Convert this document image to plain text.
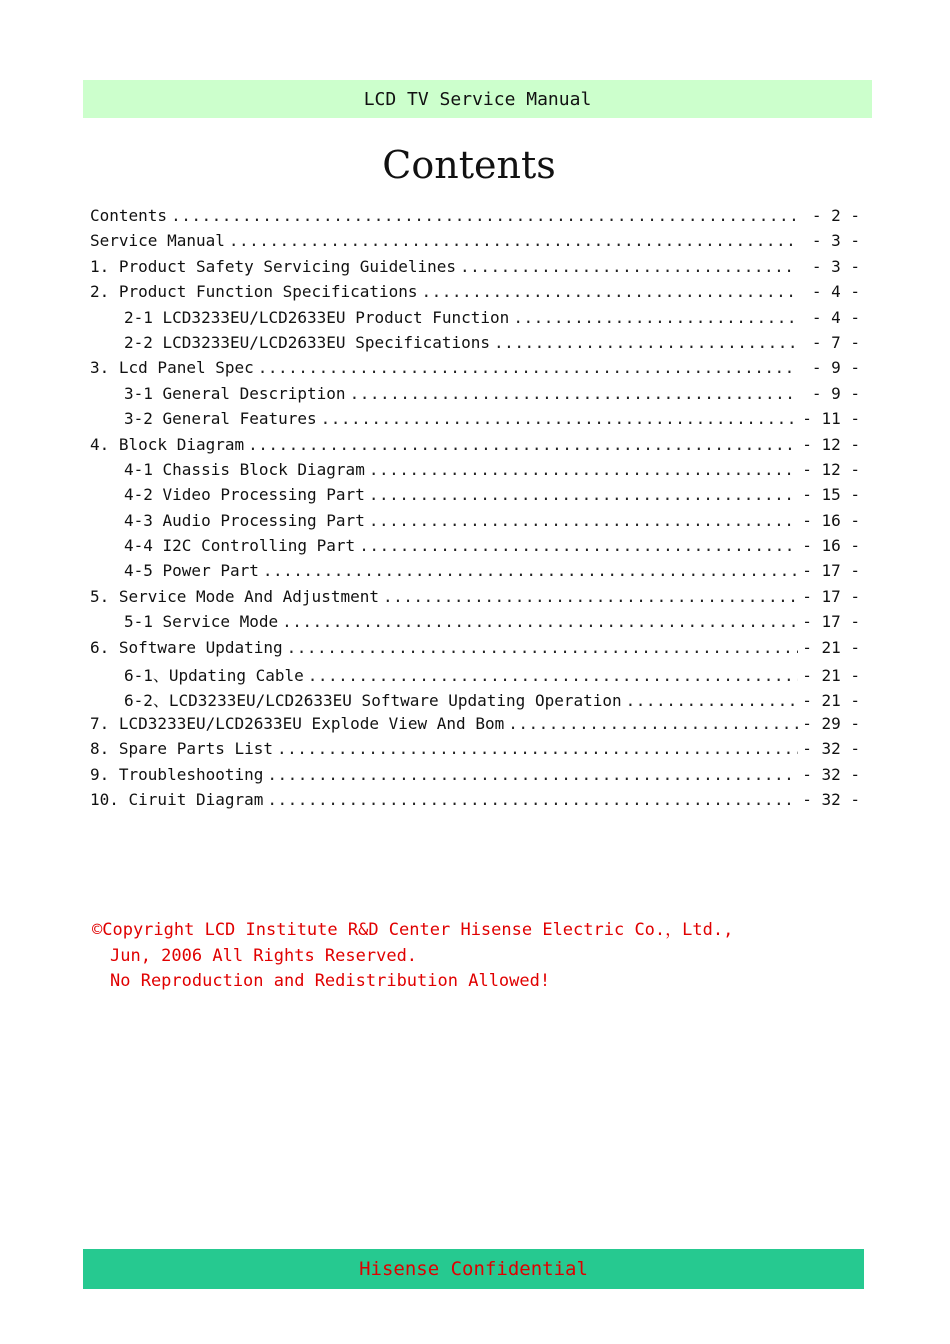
LCD TV Service Manual
Contents
Contents .....	- 2 -
Service Manual .....	- 3 -
1. Product Safety Servicing Guidelines .....	- 3 -
2. Product Function Specifications .....	- 4 -
2-1 LCD3233EU/LCD2633EU Product Function .....	- 4 -
2-2 LCD3233EU/LCD2633EU Specifications .....	- 7 -
3. Lcd Panel Spec .....	- 9 -
3-1 General Description .....	- 9 -
3-2 General Features .....	- 11 -
4. Block Diagram .....	- 12 -
4-1 Chassis Block Diagram .....	- 12 -
4-2 Video Processing Part .....	- 15 -
4-3 Audio Processing Part .....	- 16 -
4-4 I2C Controlling Part .....	- 16 -
4-5 Power Part .....	- 17 -
5. Service Mode And Adjustment .....	- 17 -
5-1 Service Mode .....	- 17 -
6. Software Updating .....	- 21 -
6-1、Updating Cable .....	- 21 -
6-2、LCD3233EU/LCD2633EU Software Updating Operation .....	- 21 -
7. LCD3233EU/LCD2633EU Explode View And Bom .....	- 29 -
8. Spare Parts List .....	- 32 -
9. Troubleshooting .....	- 32 -
10. Ciruit Diagram .....	- 32 -
©Copyright LCD Institute R&D Center Hisense Electric Co.，Ltd.,
Jun, 2006 All Rights Reserved.
No Reproduction and Redistribution Allowed!
Hisense Confidential
